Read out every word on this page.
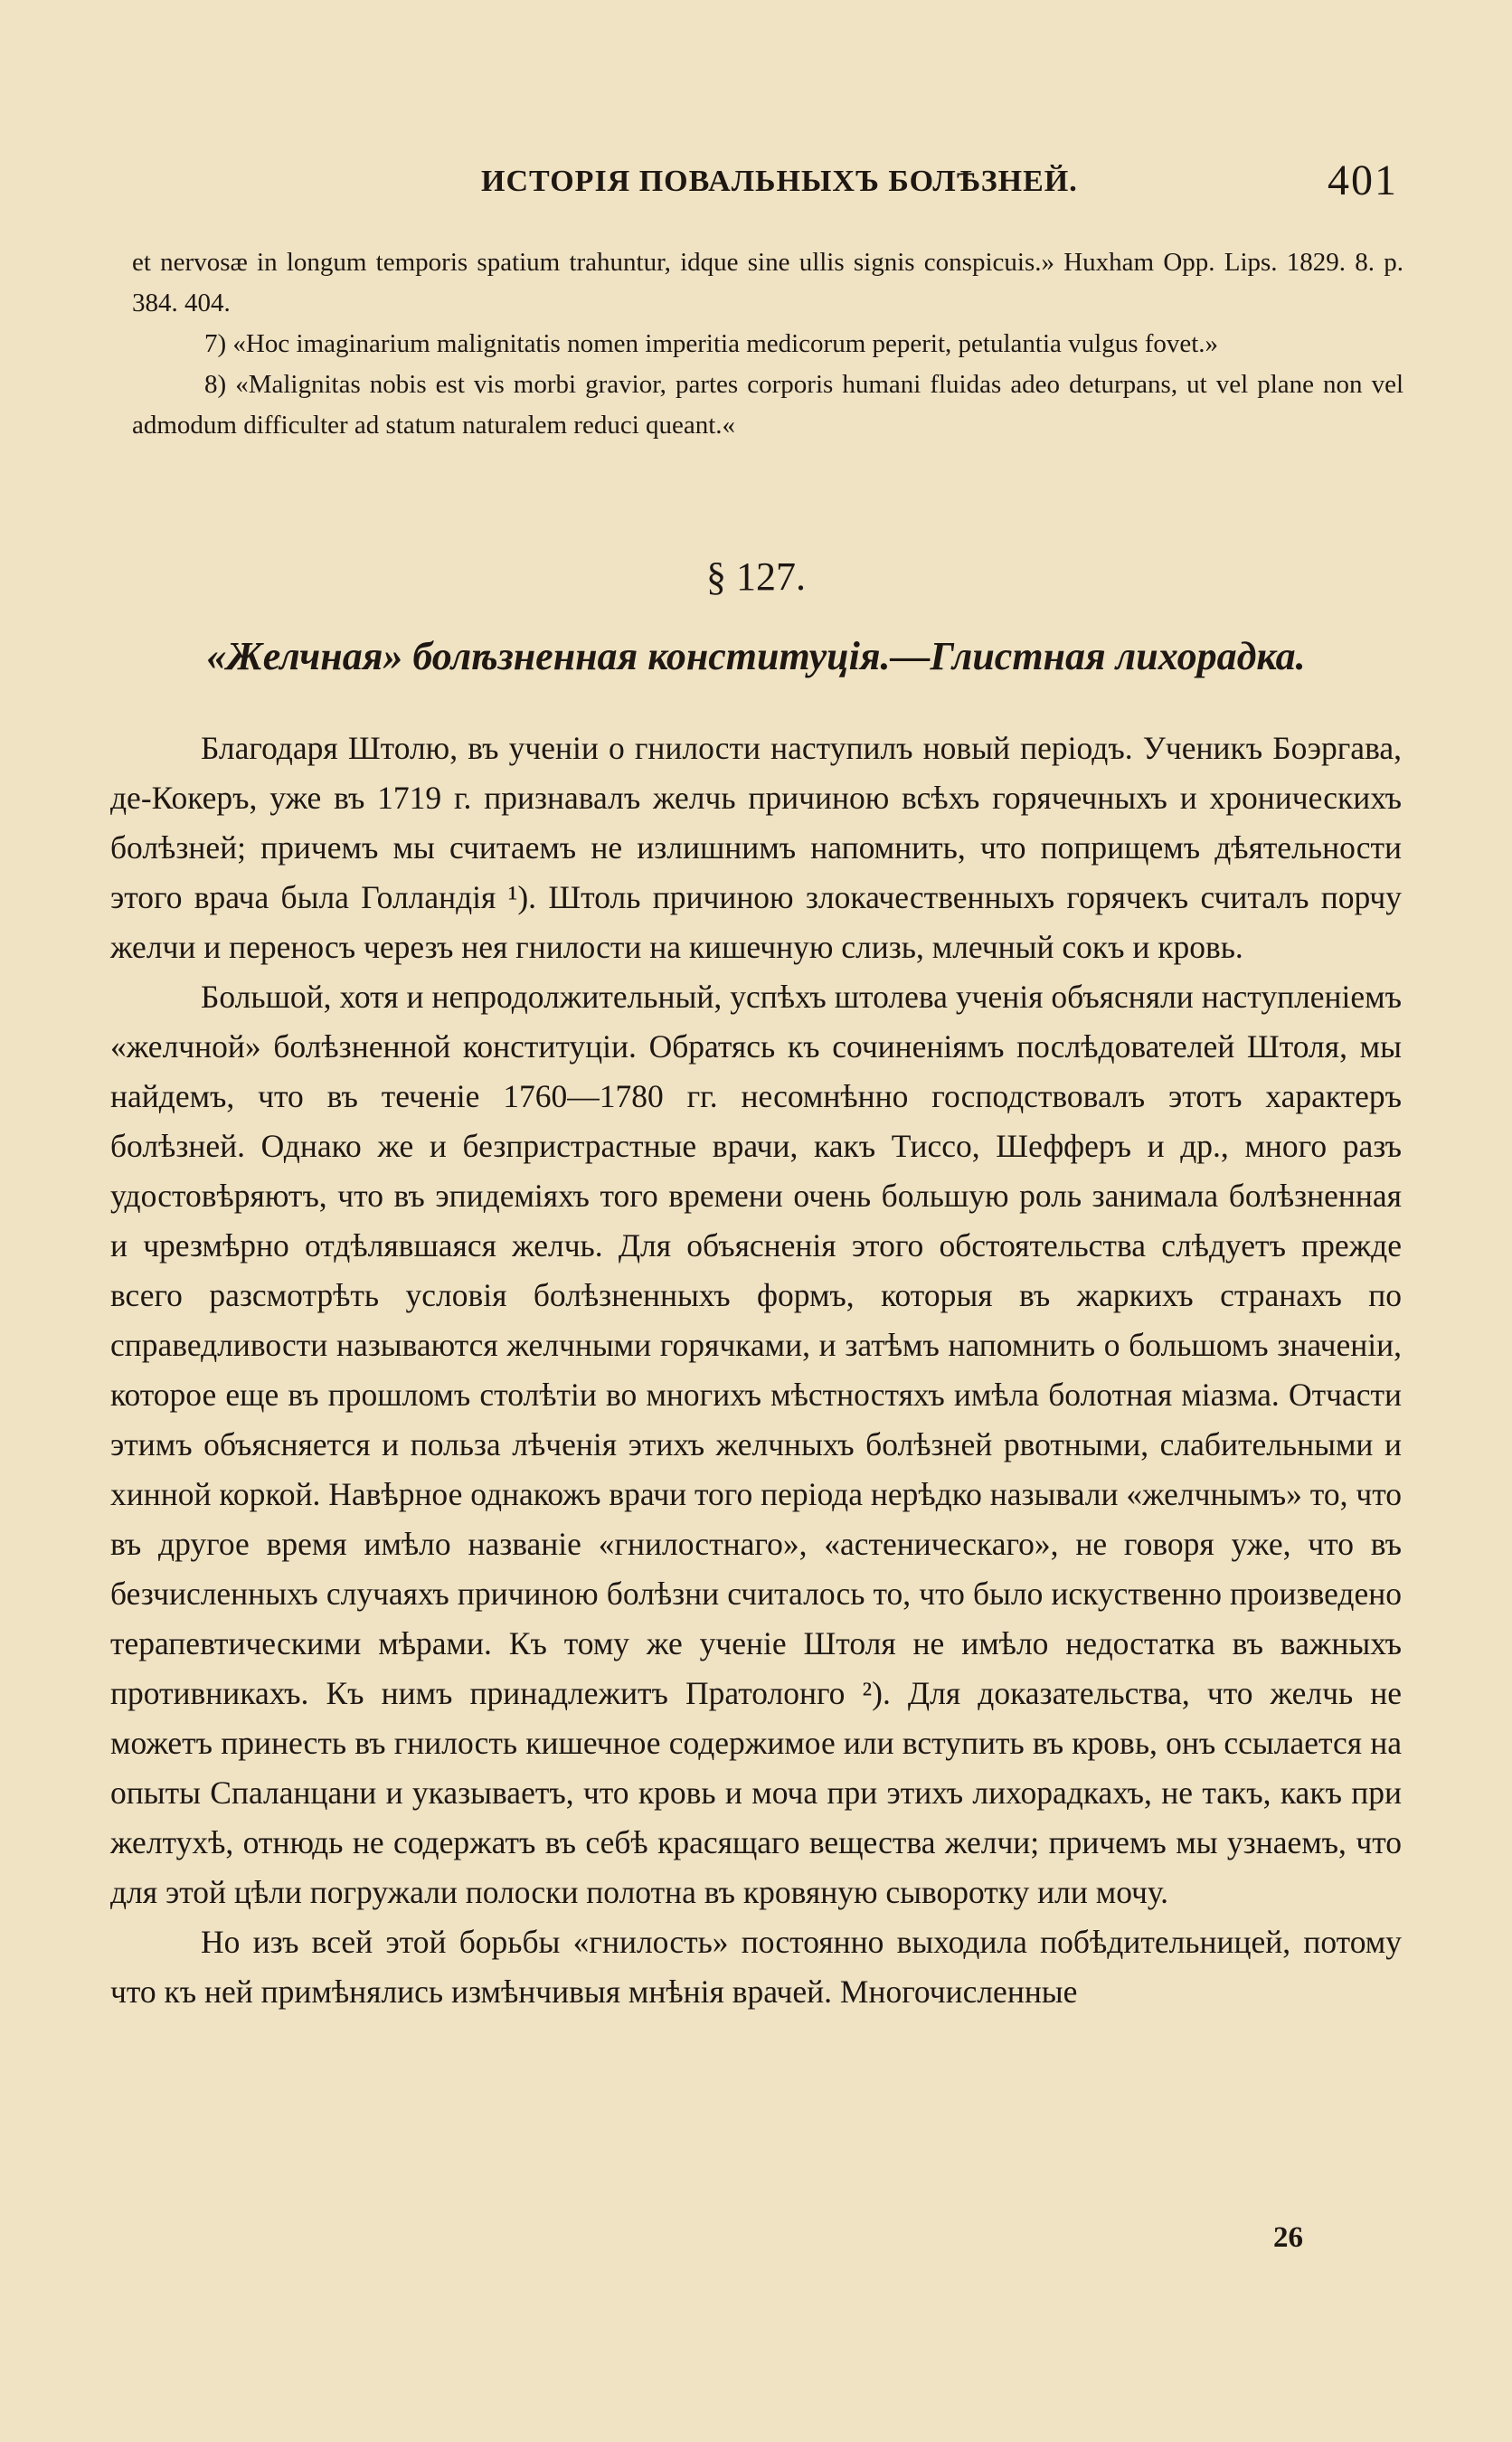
ИСТОРІЯ ПОВАЛЬНЫХЪ БОЛѢЗНЕЙ.	401

et nervosæ in longum temporis spatium trahuntur, idque sine ullis signis conspicuis.» Huxham Opp. Lips. 1829. 8. p. 384. 404.

7) «Hoc imaginarium malignitatis nomen imperitia medicorum peperit, petulantia vulgus fovet.»

8) «Malignitas nobis est vis morbi gravior, partes corporis humani fluidas adeo deturpans, ut vel plane non vel admodum difficulter ad statum naturalem reduci queant.«

§ 127.
«Желчная» болѣзненная конституція.—Глистная лихорадка.

Благодаря Штолю, въ ученіи о гнилости наступилъ новый періодъ. Ученикъ Боэргава, де-Кокеръ, уже въ 1719 г. признавалъ желчь причиною всѣхъ горячечныхъ и хроническихъ болѣзней; причемъ мы считаемъ не излишнимъ напомнить, что поприщемъ дѣятельности этого врача была Голландія ¹). Штоль причиною злокачественныхъ горячекъ считалъ порчу желчи и переносъ черезъ нея гнилости на кишечную слизь, млечный сокъ и кровь.

Большой, хотя и непродолжительный, успѣхъ штолева ученія объясняли наступленіемъ «желчной» болѣзненной конституціи. Обратясь къ сочиненіямъ послѣдователей Штоля, мы найдемъ, что въ теченіе 1760—1780 гг. несомнѣнно господствовалъ этотъ характеръ болѣзней. Однако же и безпристрастные врачи, какъ Тиссо, Шефферъ и др., много разъ удостовѣряютъ, что въ эпидеміяхъ того времени очень большую роль занимала болѣзненная и чрезмѣрно отдѣлявшаяся желчь. Для объясненія этого обстоятельства слѣдуетъ прежде всего разсмотрѣть условія болѣзненныхъ формъ, которыя въ жаркихъ странахъ по справедливости называются желчными горячками, и затѣмъ напомнить о большомъ значеніи, которое еще въ прошломъ столѣтіи во многихъ мѣстностяхъ имѣла болотная міазма. Отчасти этимъ объясняется и польза лѣченія этихъ желчныхъ болѣзней рвотными, слабительными и хинной коркой. Навѣрное однакожъ врачи того періода нерѣдко называли «желчнымъ» то, что въ другое время имѣло названіе «гнилостнаго», «астеническаго», не говоря уже, что въ безчисленныхъ случаяхъ причиною болѣзни считалось то, что было искуственно произведено терапевтическими мѣрами. Къ тому же ученіе Штоля не имѣло недостатка въ важныхъ противникахъ. Къ нимъ принадлежитъ Пратолонго ²). Для доказательства, что желчь не можетъ принесть въ гнилость кишечное содержимое или вступить въ кровь, онъ ссылается на опыты Спаланцани и указываетъ, что кровь и моча при этихъ лихорадкахъ, не такъ, какъ при желтухѣ, отнюдь не содержатъ въ себѣ красящаго вещества желчи; причемъ мы узнаемъ, что для этой цѣли погружали полоски полотна въ кровяную сыворотку или мочу.

Но изъ всей этой борьбы «гнилость» постоянно выходила побѣдительницей, потому что къ ней примѣнялись измѣнчивыя мнѣнія врачей. Многочисленные

26
